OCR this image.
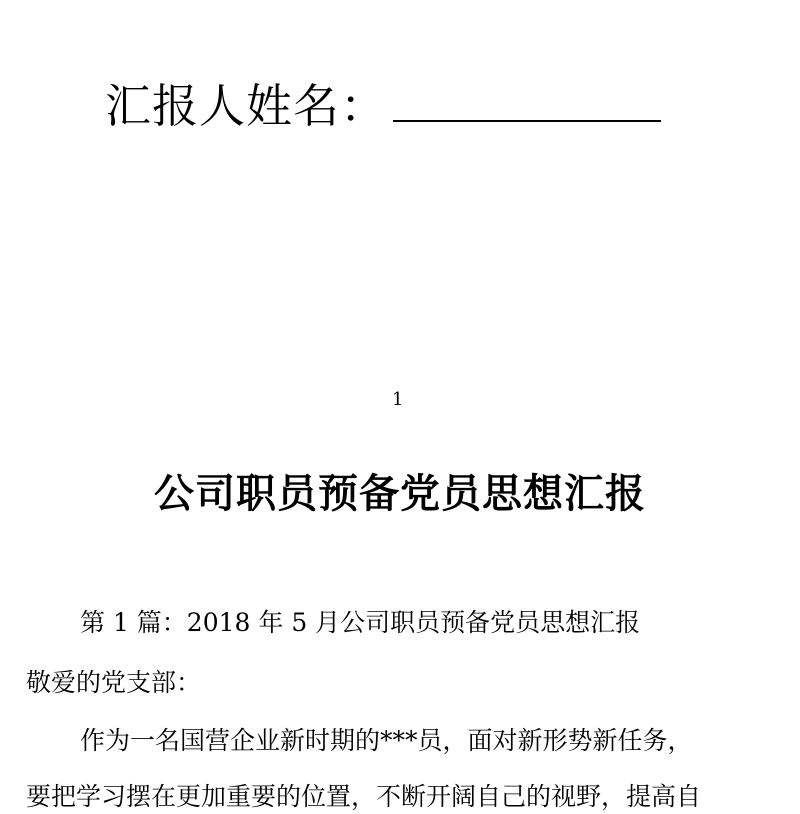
汇报人姓名：
1
公司职员预备党员思想汇报
第 1 篇：2018 年 5 月公司职员预备党员思想汇报
敬爱的党支部：
作为一名国营企业新时期的***员，面对新形势新任务，
要把学习摆在更加重要的位置，不断开阔自己的视野，提高自
